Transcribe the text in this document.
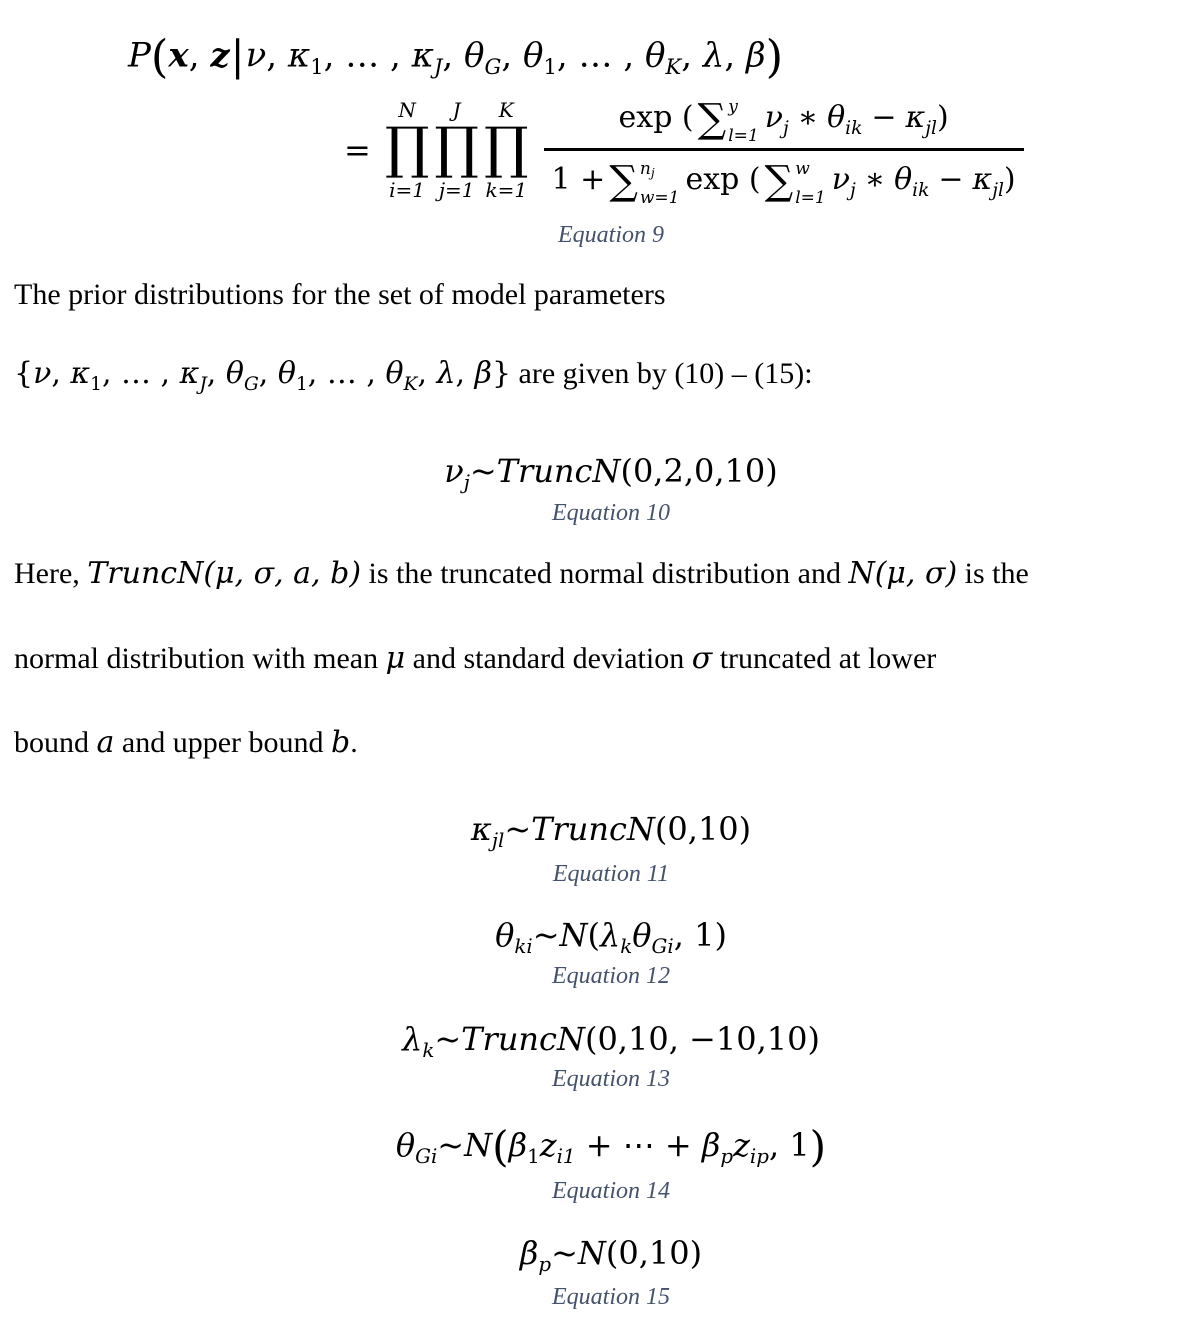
P(x, z|ν, $\kappa_1$, … , $\kappa_J$, $\theta_G$, $\theta_1$, … , $\theta_K$, λ, β)
=
N
∏
i=1
J
∏
j=1
K
∏
k=1 exp ( ∑ y
l=1
ν j ∗ θ ik − κ jl )
1 + ∑ $n_j$
w=1
exp ( ∑ w
l=1
ν j ∗ θ ik − κ jl )
Equation 9
The prior distributions for the set of model parameters
{ν, $\kappa_1$, … , $\kappa_J$, $\theta_G$, $\theta_1$, … , $\theta_K$, λ, β} are given by (10) – (15):
$\nu_j\sim TruncN(0,2,0,10)$
Equation 10
Here, TruncN(μ, σ, a, b) is the truncated normal distribution and N(μ, σ) is the
normal distribution with mean μ and standard deviation σ truncated at lower
bound a and upper bound b.
$\kappa_{jl}\sim TruncN(0,10)$
Equation 11
$\theta_{ki}\sim N(\lambda_k\theta_{Gi}$, 1)
Equation 12
$\lambda_k\sim TruncN(0,10$, −10,10)
Equation 13
$\theta_{Gi}\sim N(\beta_1z_{i1}$ + ⋯ + $\beta_pz_{ip}$, 1)
Equation 14
$\beta_p\sim N(0,10)$
Equation 15
